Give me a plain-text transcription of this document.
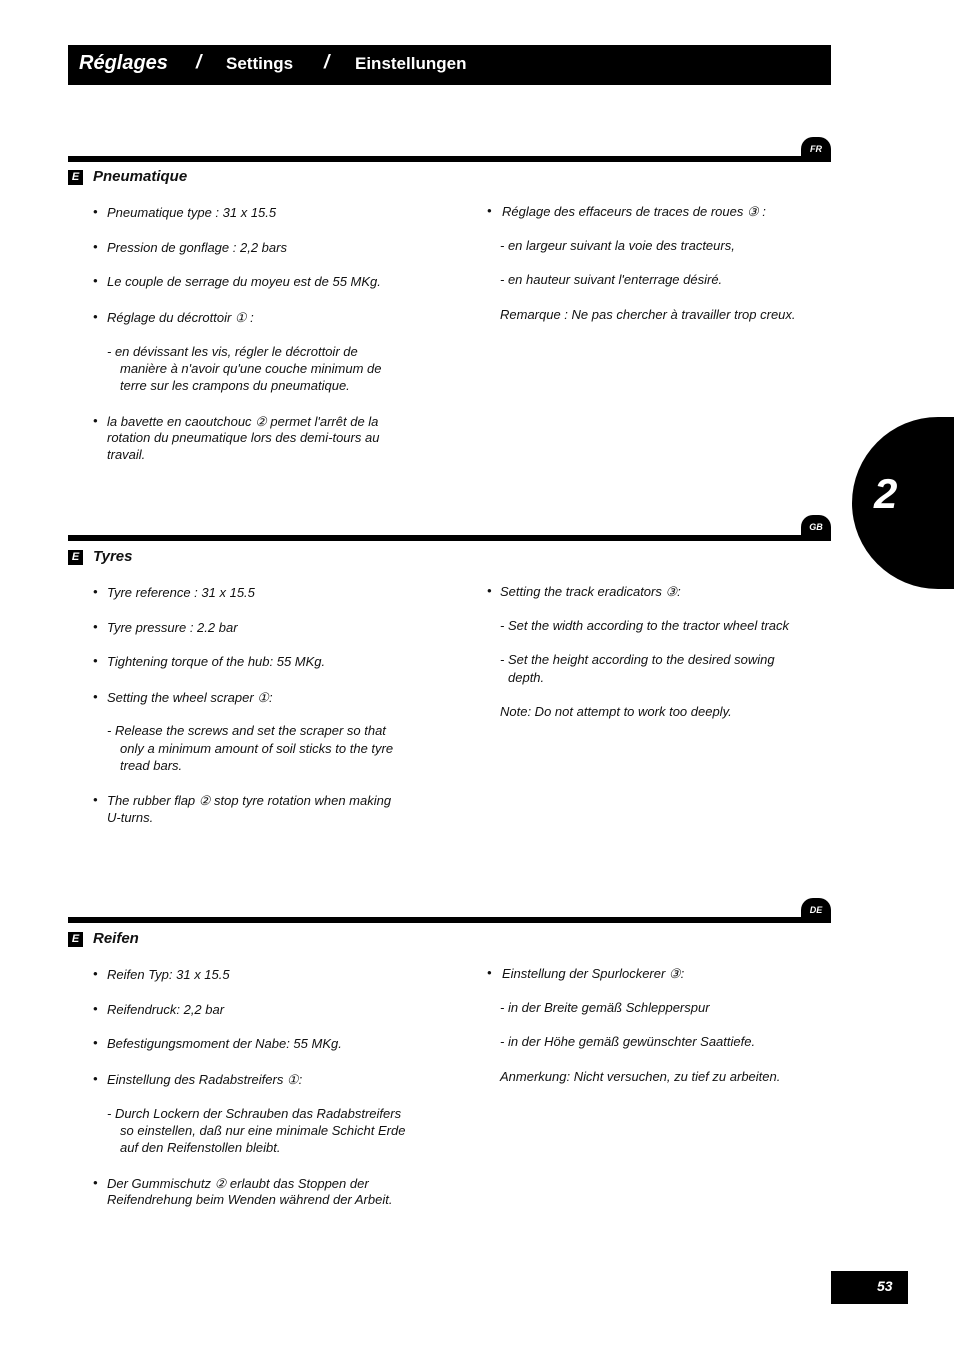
Réglages / Settings / Einstellungen
FR
E Pneumatique
• Pneumatique type : 31 x 15.5
• Pression de gonflage : 2,2 bars
• Le couple de serrage du moyeu est de 55 MKg.
• Réglage du décrottoir ① :
- en dévissant les vis, régler le décrottoir de
manière à n'avoir qu'une couche minimum de
terre sur les crampons du pneumatique.
• la bavette en caoutchouc ② permet l'arrêt de la
rotation du pneumatique lors des demi-tours au
travail.
• Réglage des effaceurs de traces de roues ③ :
- en largeur suivant la voie des tracteurs,
- en hauteur suivant l'enterrage désiré.
Remarque : Ne pas chercher à travailler trop creux.
2
GB
E Tyres
• Tyre reference : 31 x 15.5
• Tyre pressure : 2.2 bar
• Tightening torque of the hub: 55 MKg.
• Setting the wheel scraper ①:
- Release the screws and set the scraper so that
only a minimum amount of soil sticks to the tyre
tread bars.
• The rubber flap ② stop tyre rotation when making
U-turns.
• Setting the track eradicators ③:
- Set the width according to the tractor wheel track
- Set the height according to the desired sowing
depth.
Note: Do not attempt to work too deeply.
DE
E Reifen
• Reifen Typ: 31 x 15.5
• Reifendruck: 2,2 bar
• Befestigungsmoment der Nabe: 55 MKg.
• Einstellung des Radabstreifers ①:
- Durch Lockern der Schrauben das Radabstreifers
so einstellen, daß nur eine minimale Schicht Erde
auf den Reifenstollen bleibt.
• Der Gummischutz ② erlaubt das Stoppen der
Reifendrehung beim Wenden während der Arbeit.
• Einstellung der Spurlockerer ③:
- in der Breite gemäß Schlepperspur
- in der Höhe gemäß gewünschter Saattiefe.
Anmerkung: Nicht versuchen, zu tief zu arbeiten.
53
